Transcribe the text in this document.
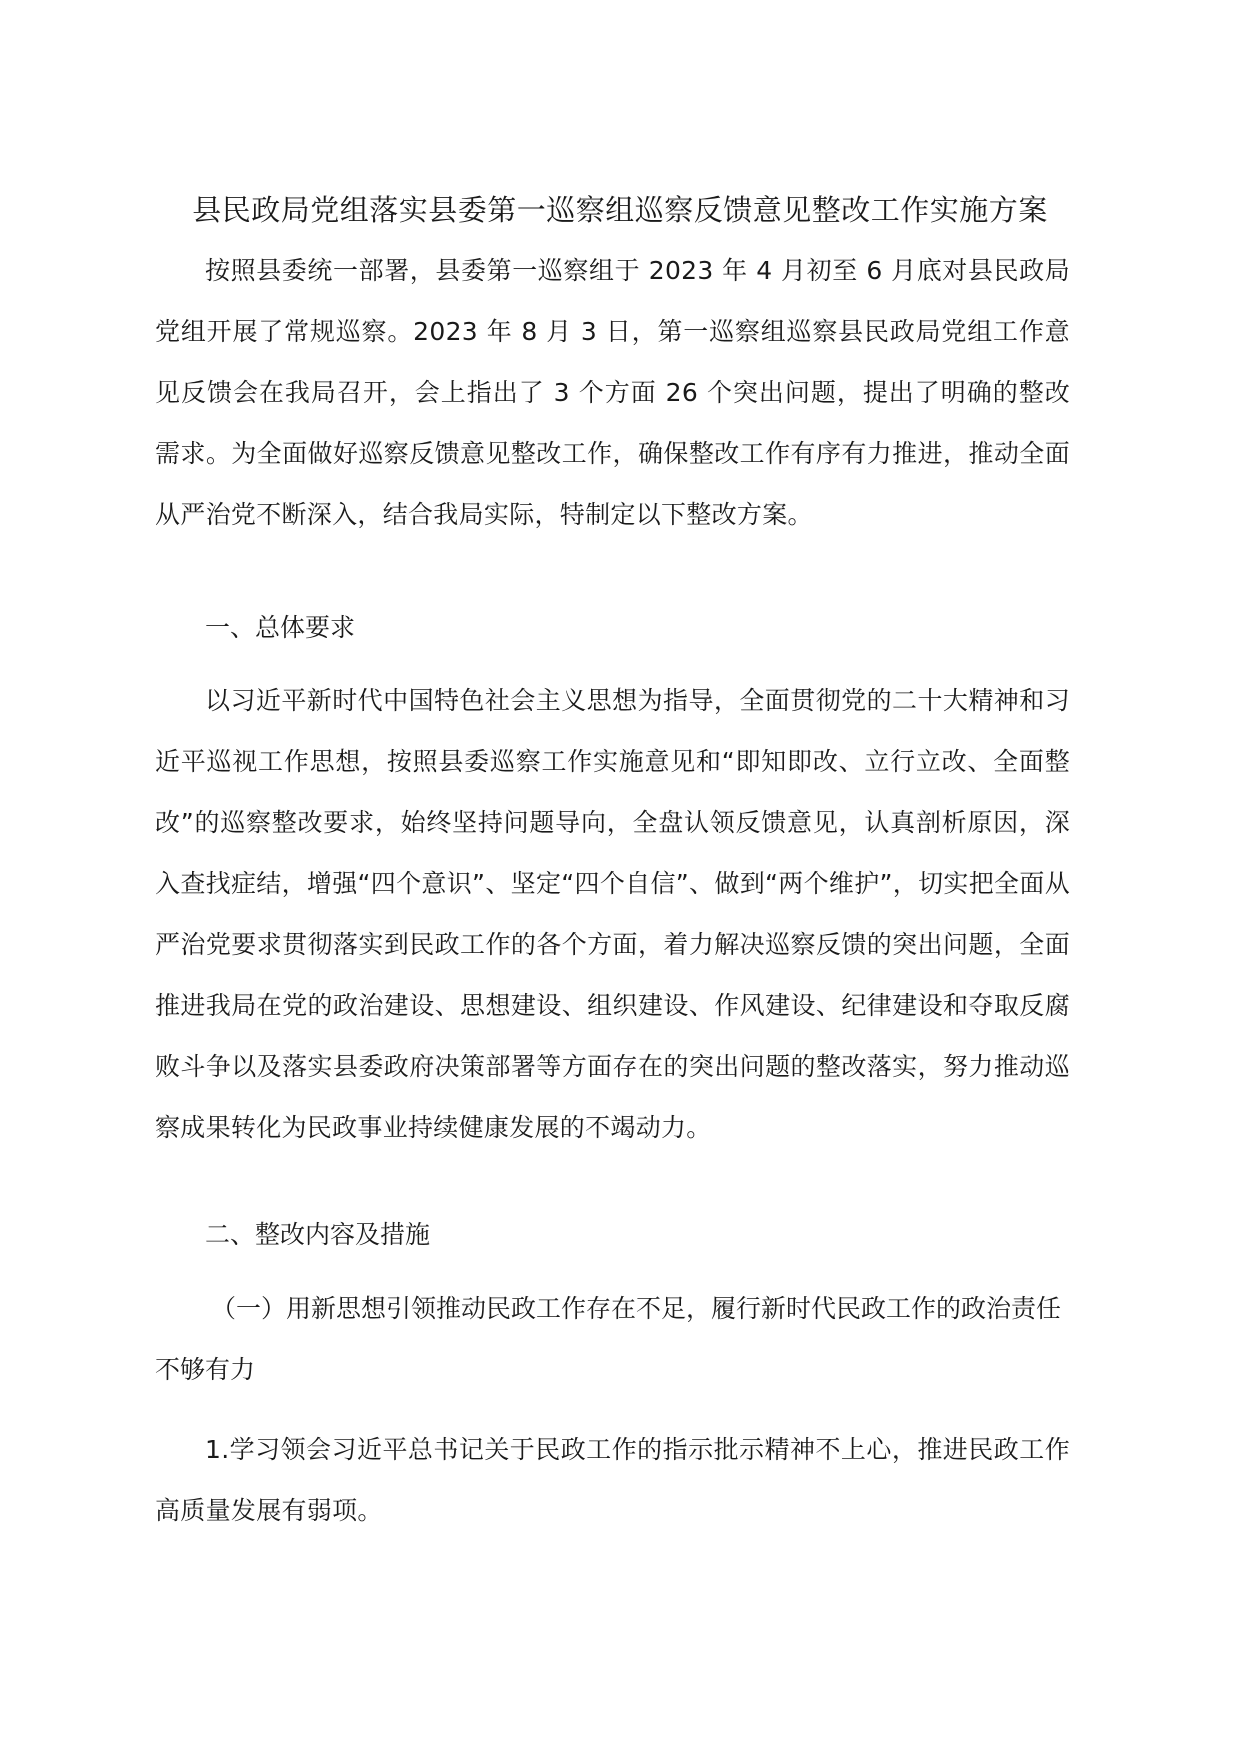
县民政局党组落实县委第一巡察组巡察反馈意见整改工作实施方案

按照县委统一部署，县委第一巡察组于 2023 年 4 月初至 6 月底对县民政局党组开展了常规巡察。2023 年 8 月 3 日，第一巡察组巡察县民政局党组工作意见反馈会在我局召开，会上指出了 3 个方面 26 个突出问题，提出了明确的整改需求。为全面做好巡察反馈意见整改工作，确保整改工作有序有力推进，推动全面从严治党不断深入，结合我局实际，特制定以下整改方案。

一、总体要求

以习近平新时代中国特色社会主义思想为指导，全面贯彻党的二十大精神和习近平巡视工作思想，按照县委巡察工作实施意见和“即知即改、立行立改、全面整改”的巡察整改要求，始终坚持问题导向，全盘认领反馈意见，认真剖析原因，深入查找症结，增强“四个意识”、坚定“四个自信”、做到“两个维护”，切实把全面从严治党要求贯彻落实到民政工作的各个方面，着力解决巡察反馈的突出问题，全面推进我局在党的政治建设、思想建设、组织建设、作风建设、纪律建设和夺取反腐败斗争以及落实县委政府决策部署等方面存在的突出问题的整改落实，努力推动巡察成果转化为民政事业持续健康发展的不竭动力。

二、整改内容及措施

（一）用新思想引领推动民政工作存在不足，履行新时代民政工作的政治责任不够有力

1.学习领会习近平总书记关于民政工作的指示批示精神不上心，推进民政工作高质量发展有弱项。
